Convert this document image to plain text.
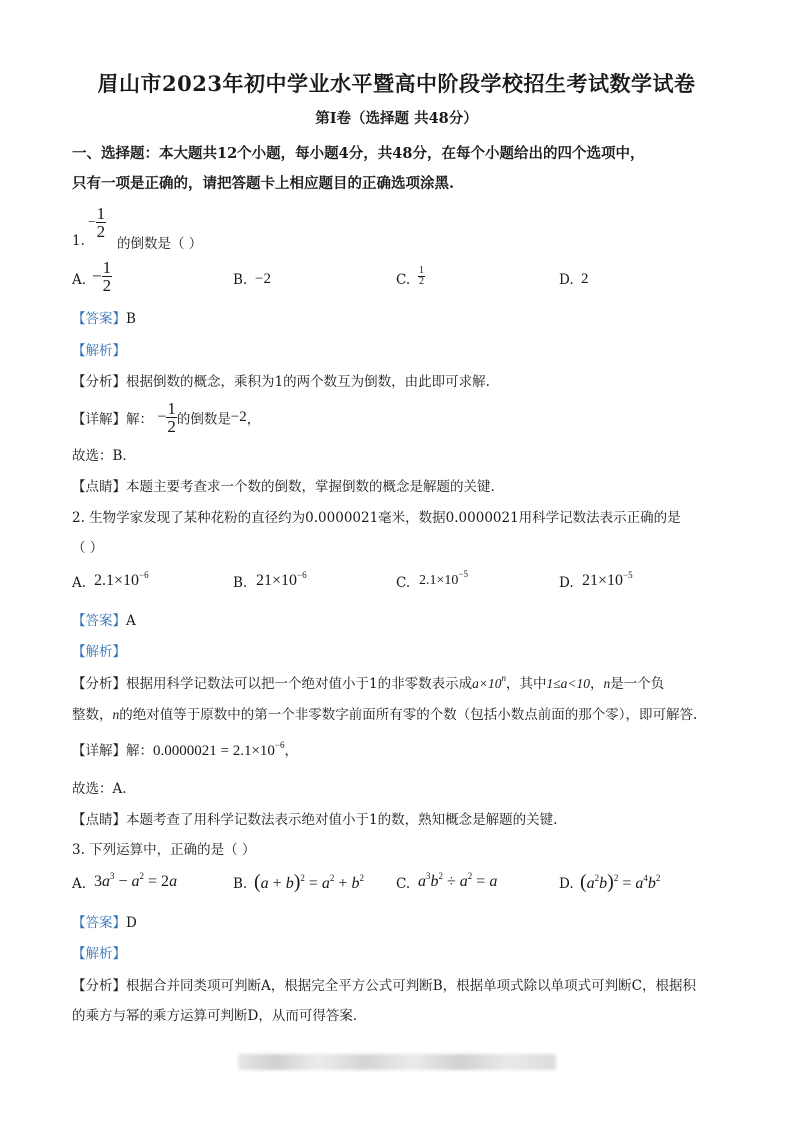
眉山市2023年初中学业水平暨高中阶段学校招生考试数学试卷
第I卷（选择题 共48分）
一、选择题：本大题共12个小题，每小题4分，共48分，在每个小题给出的四个选项中，
只有一项是正确的，请把答题卡上相应题目的正确选项涂黑.
− $\frac{1}{2}$
1. 的倒数是（ ）
A. − $\frac{1}{2}$	B. −2	C. $\frac{1}{2}$	D. 2
【答案】B
【解析】
【分析】根据倒数的概念，乘积为1的两个数互为倒数，由此即可求解.
【详解】解： − $\frac{1}{2}$ 的倒数是−2，
故选：B．
【点睛】本题主要考查求一个数的倒数，掌握倒数的概念是解题的关键.
2. 生物学家发现了某种花粉的直径约为0.0000021毫米，数据0.0000021用科学记数法表示正确的是
（ ）
A. $2.1\times 10^{-6}$	B. $21\times 10^{-6}$	C. $2.1\times 10^{-5}$
D. $21\times 10^{-5}$
【答案】A
【解析】
【分析】根据用科学记数法可以把一个绝对值小于1的非零数表示成$a\times 10^n$，其中1≤a<10，n是一个负
整数，n的绝对值等于原数中的第一个非零数字前面所有零的个数（包括小数点前面的那个零），即可解答.
【详解】解：$0.0000021 = 2.1\times 10^{-6}$，
故选：A.
【点睛】本题考查了用科学记数法表示绝对值小于1的数，熟知概念是解题的关键.
3. 下列运算中，正确的是（ ）
A. $3a^3 - a^2 = 2a$	B. $(a + b)^2 = a^2 + b^2$ C. $a^3b^2 \div a^2 = a$	D. $(a^2b)^2 = a^4b^2$
【答案】D
【解析】
【分析】根据合并同类项可判断A，根据完全平方公式可判断B，根据单项式除以单项式可判断C，根据积
的乘方与幂的乘方运算可判断D，从而可得答案.
